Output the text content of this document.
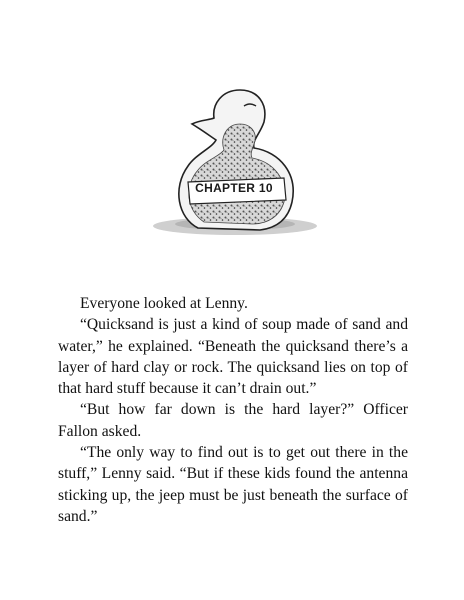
CHAPTER 10

Everyone looked at Lenny.

“Quicksand is just a kind of soup made of sand and water,” he explained. “Beneath the quicksand there’s a layer of hard clay or rock. The quicksand lies on top of that hard stuff because it can’t drain out.”

“But how far down is the hard layer?” Officer Fallon asked.

“The only way to find out is to get out there in the stuff,” Lenny said. “But if these kids found the antenna sticking up, the jeep must be just beneath the surface of sand.”
